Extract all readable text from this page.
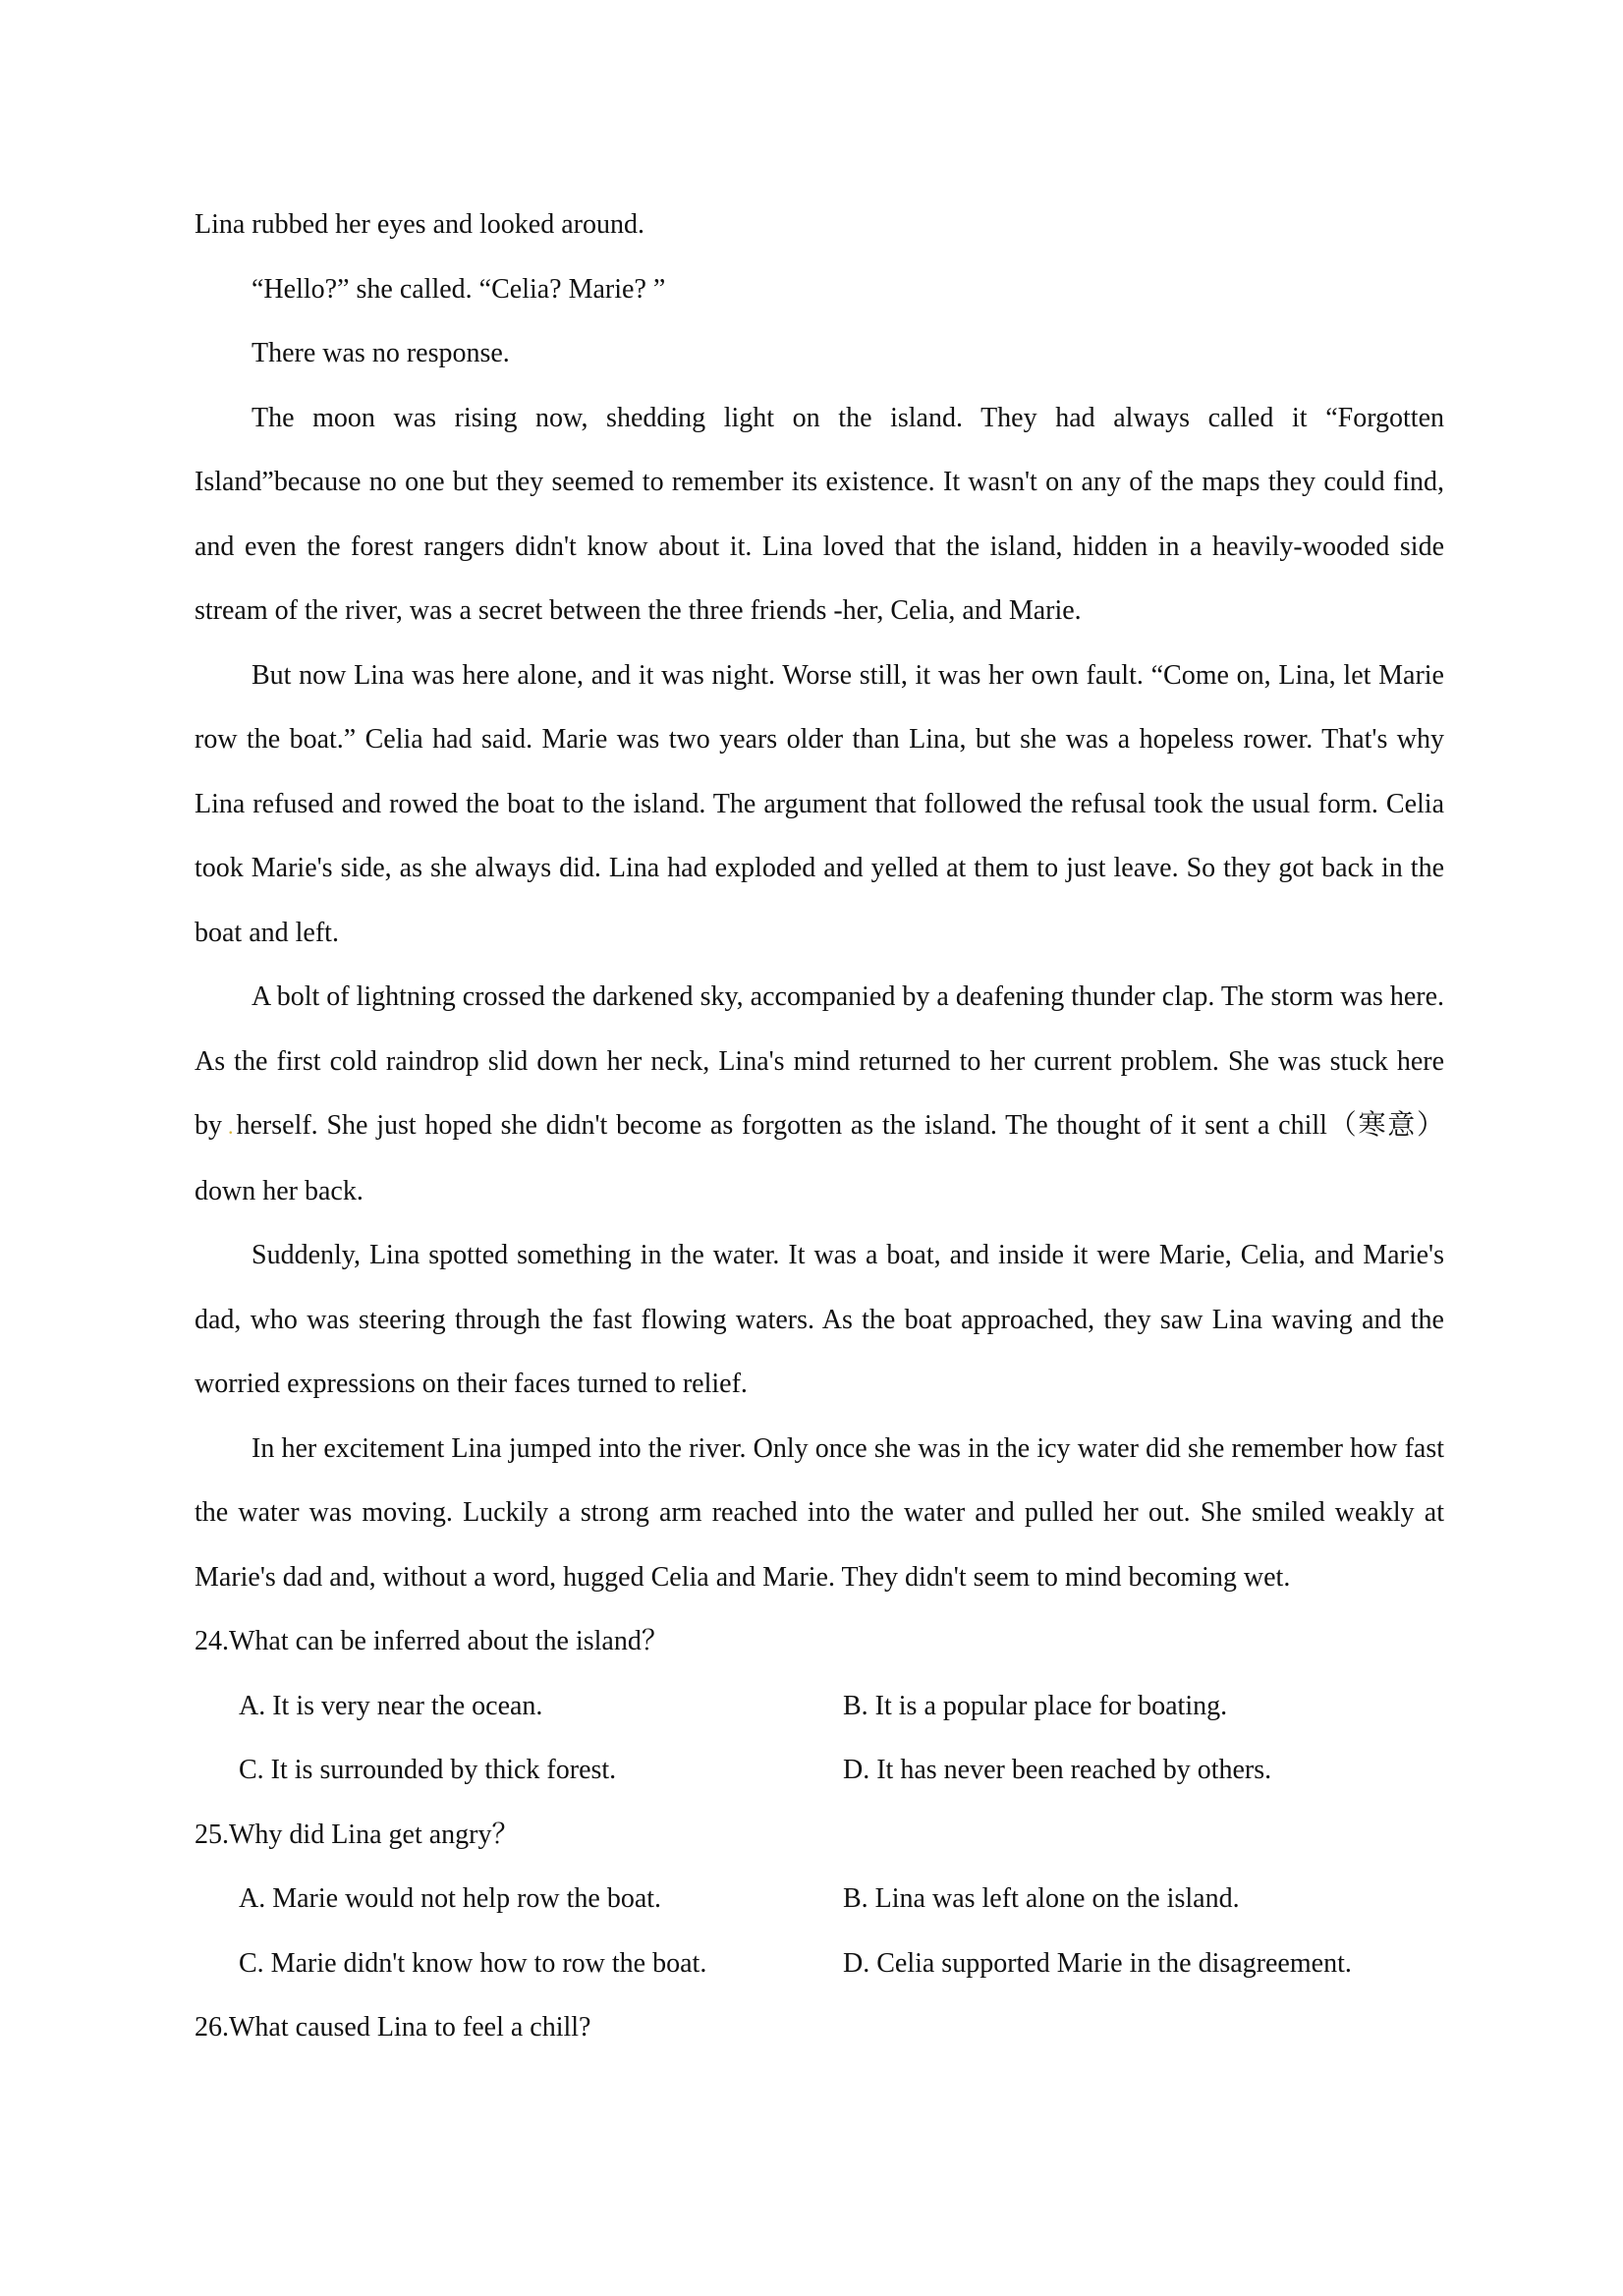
Lina rubbed her eyes and looked around.

“Hello?” she called. “Celia? Marie? ”

There was no response.

The moon was rising now, shedding light on the island. They had always called it “Forgotten Island”because no one but they seemed to remember its existence. It wasn't on any of the maps they could find, and even the forest rangers didn't know about it. Lina loved that the island, hidden in a heavily-wooded side stream of the river, was a secret between the three friends -her, Celia, and Marie.

But now Lina was here alone, and it was night. Worse still, it was her own fault. “Come on, Lina, let Marie row the boat.” Celia had said. Marie was two years older than Lina, but she was a hopeless rower. That's why Lina refused and rowed the boat to the island. The argument that followed the refusal took the usual form. Celia took Marie's side, as she always did. Lina had exploded and yelled at them to just leave. So they got back in the boat and left.

A bolt of lightning crossed the darkened sky, accompanied by a deafening thunder clap. The storm was here. As the first cold raindrop slid down her neck, Lina's mind returned to her current problem. She was stuck here by . herself. She just hoped she didn't become as forgotten as the island. The thought of it sent a chill（寒意）down her back.

Suddenly, Lina spotted something in the water. It was a boat, and inside it were Marie, Celia, and Marie's dad, who was steering through the fast flowing waters. As the boat approached, they saw Lina waving and the worried expressions on their faces turned to relief.

In her excitement Lina jumped into the river. Only once she was in the icy water did she remember how fast the water was moving. Luckily a strong arm reached into the water and pulled her out. She smiled weakly at Marie's dad and, without a word, hugged Celia and Marie. They didn't seem to mind becoming wet.

24.What can be inferred about the island？

A. It is very near the ocean.	B. It is a popular place for boating.
C. It is surrounded by thick forest.	D. It has never been reached by others.

25.Why did Lina get angry？

A. Marie would not help row the boat.	B. Lina was left alone on the island.
C. Marie didn't know how to row the boat.	D. Celia supported Marie in the disagreement.

26.What caused Lina to feel a chill?
